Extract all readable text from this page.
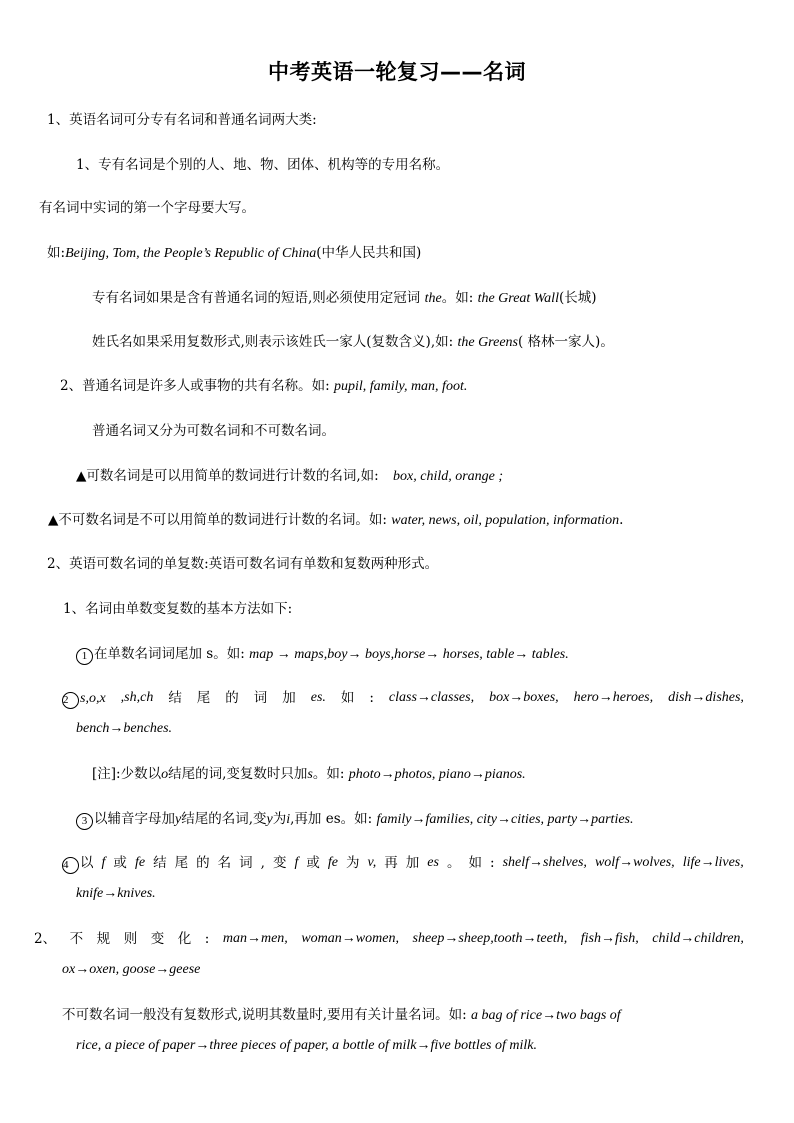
中考英语一轮复习——名词
1、英语名词可分专有名词和普通名词两大类:
1、专有名词是个别的人、地、物、团体、机构等的专用名称。
有名词中实词的第一个字母要大写。
如:Beijing, Tom, the People’s Republic of China(中华人民共和国)
专有名词如果是含有普通名词的短语,则必须使用定冠词 the。如: the Great Wall(长城)
姓氏名如果采用复数形式,则表示该姓氏一家人(复数含义),如: the Greens( 格林一家人)。
2、普通名词是许多人或事物的共有名称。如: pupil, family, man, foot.
普通名词又分为可数名词和不可数名词。
▲可数名词是可以用简单的数词进行计数的名词,如: box, child, orange ;
▲不可数名词是不可以用简单的数词进行计数的名词。如: water, news, oil, population, information.
2、英语可数名词的单复数:英语可数名词有单数和复数两种形式。
1、名词由单数变复数的基本方法如下:
1 在单数名词词尾加 s。如: map → maps,boy→ boys,horse→ horses, table→ tables.
2 s,o,x ,sh,ch 结 尾 的 词 加 es. 如 : class→classes, box→boxes, hero→heroes, dish→dishes,
bench→benches.
[注]:少数以o结尾的词,变复数时只加s。如: photo→photos, piano→pianos.
3 以辅音字母加y结尾的名词,变y为i,再加 es。如: family→families, city→cities, party→parties.
4 以 f 或 fe 结 尾 的 名 词 , 变 f 或 fe 为 v, 再 加 es 。 如 : shelf→shelves, wolf→wolves, life→lives,
knife→knives.
2、 不 规 则 变 化 : man→men, woman→women, sheep→sheep,tooth→teeth, fish→fish, child→children,
ox→oxen, goose→geese
不可数名词一般没有复数形式,说明其数量时,要用有关计量名词。如: a bag of rice→two bags of
rice, a piece of paper→three pieces of paper, a bottle of milk→five bottles of milk.
